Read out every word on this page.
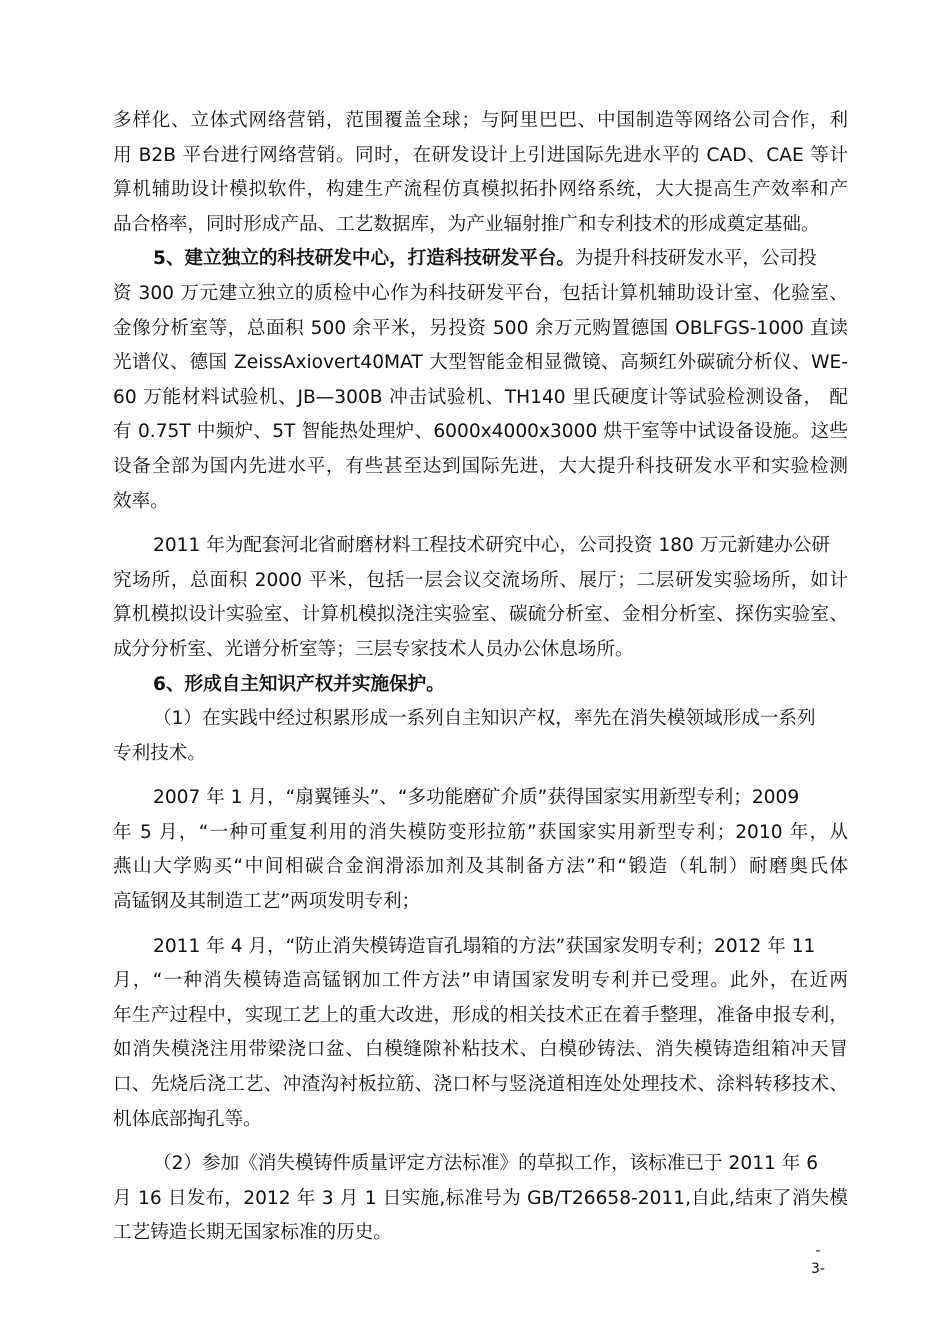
多样化、立体式网络营销，范围覆盖全球；与阿里巴巴、中国制造等网络公司合作，利
用 B2B 平台进行网络营销。同时，在研发设计上引进国际先进水平的 CAD、CAE 等计
算机辅助设计模拟软件，构建生产流程仿真模拟拓扑网络系统，大大提高生产效率和产
品合格率，同时形成产品、工艺数据库，为产业辐射推广和专利技术的形成奠定基础。
5、建立独立的科技研发中心，打造科技研发平台。为提升科技研发水平，公司投
资 300 万元建立独立的质检中心作为科技研发平台，包括计算机辅助设计室、化验室、
金像分析室等，总面积 500 余平米，另投资 500 余万元购置德国 OBLFGS-1000 直读
光谱仪、德国 ZeissAxiovert40MAT 大型智能金相显微镜、高频红外碳硫分析仪、WE-
60 万能材料试验机、JB—300B 冲击试验机、TH140 里氏硬度计等试验检测设备， 配
有 0.75T 中频炉、5T 智能热处理炉、6000x4000x3000 烘干室等中试设备设施。这些
设备全部为国内先进水平，有些甚至达到国际先进，大大提升科技研发水平和实验检测
效率。
2011 年为配套河北省耐磨材料工程技术研究中心，公司投资 180 万元新建办公研
究场所，总面积 2000 平米，包括一层会议交流场所、展厅；二层研发实验场所，如计
算机模拟设计实验室、计算机模拟浇注实验室、碳硫分析室、金相分析室、探伤实验室、
成分分析室、光谱分析室等；三层专家技术人员办公休息场所。
6、形成自主知识产权并实施保护。
（1）在实践中经过积累形成一系列自主知识产权，率先在消失模领域形成一系列
专利技术。
2007 年 1 月，“扇翼锤头”、“多功能磨矿介质”获得国家实用新型专利；2009
年 5 月，“一种可重复利用的消失模防变形拉筋”获国家实用新型专利；2010 年，从
燕山大学购买“中间相碳合金润滑添加剂及其制备方法”和“锻造（轧制）耐磨奥氏体
高锰钢及其制造工艺”两项发明专利；
2011 年 4 月，“防止消失模铸造盲孔塌箱的方法”获国家发明专利；2012 年 11
月，“一种消失模铸造高锰钢加工件方法”申请国家发明专利并已受理。此外，在近两
年生产过程中，实现工艺上的重大改进，形成的相关技术正在着手整理，准备申报专利，
如消失模浇注用带梁浇口盆、白模缝隙补粘技术、白模砂铸法、消失模铸造组箱冲天冒
口、先烧后浇工艺、冲渣沟衬板拉筋、浇口杯与竖浇道相连处处理技术、涂料转移技术、
机体底部掏孔等。
（2）参加《消失模铸件质量评定方法标准》的草拟工作，该标准已于 2011 年 6
月 16 日发布，2012 年 3 月 1 日实施,标准号为 GB/T26658-2011,自此,结束了消失模
工艺铸造长期无国家标准的历史。
-
3-
